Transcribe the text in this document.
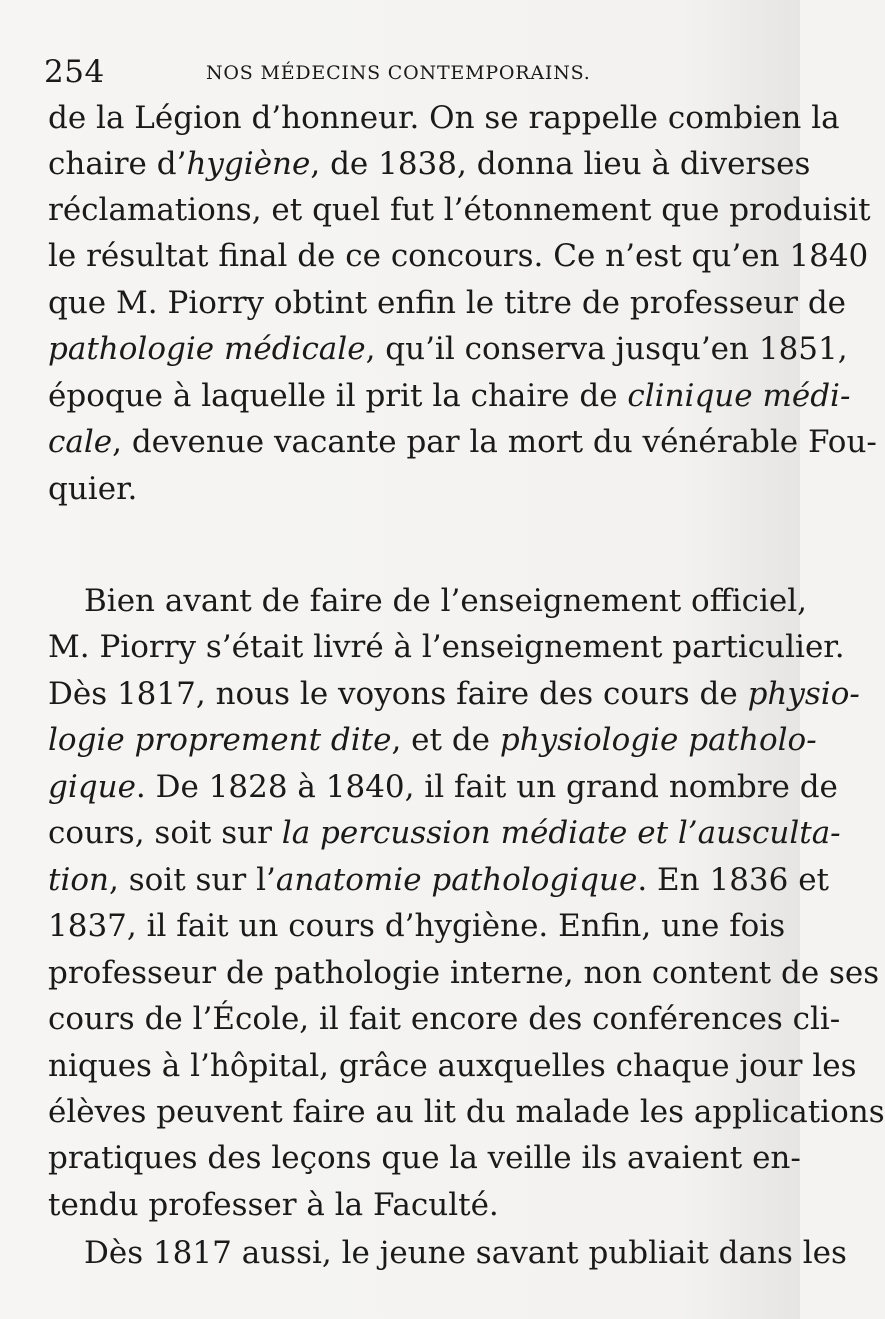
254	NOS MÉDECINS CONTEMPORAINS.
de la Légion d’honneur. On se rappelle combien la
chaire d’hygiène, de 1838, donna lieu à diverses
réclamations, et quel fut l’étonnement que produisit
le résultat final de ce concours. Ce n’est qu’en 1840
que M. Piorry obtint enfin le titre de professeur de
pathologie médicale, qu’il conserva jusqu’en 1851,
époque à laquelle il prit la chaire de clinique médi-
cale, devenue vacante par la mort du vénérable Fou-
quier.
Bien avant de faire de l’enseignement officiel,
M. Piorry s’était livré à l’enseignement particulier.
Dès 1817, nous le voyons faire des cours de physio-
logie proprement dite, et de physiologie patholo-
gique. De 1828 à 1840, il fait un grand nombre de
cours, soit sur la percussion médiate et l’ausculta-
tion, soit sur l’anatomie pathologique. En 1836 et
1837, il fait un cours d’hygiène. Enfin, une fois
professeur de pathologie interne, non content de ses
cours de l’École, il fait encore des conférences cli-
niques à l’hôpital, grâce auxquelles chaque jour les
élèves peuvent faire au lit du malade les applications
pratiques des leçons que la veille ils avaient en-
tendu professer à la Faculté.
Dès 1817 aussi, le jeune savant publiait dans les
